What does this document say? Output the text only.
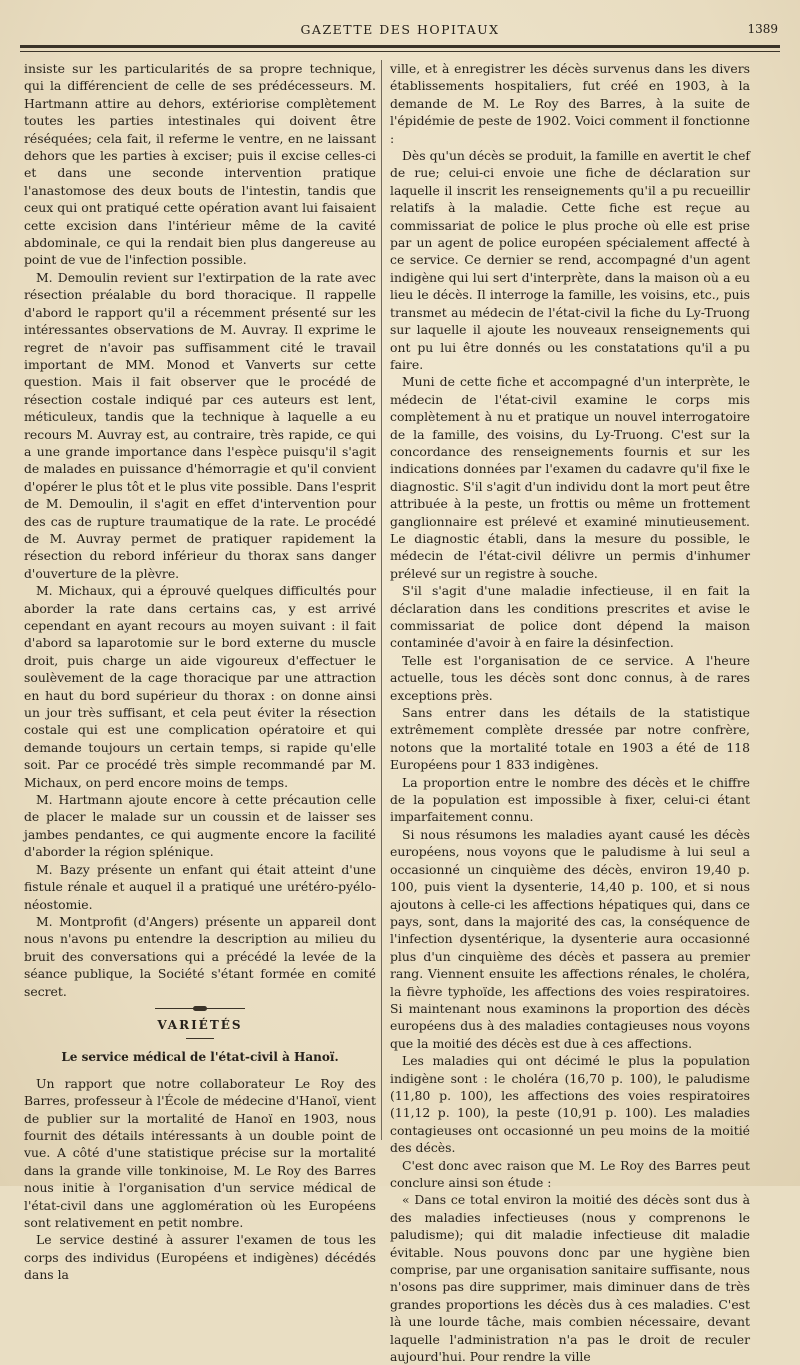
GAZETTE DES HOPITAUX	1389

insiste sur les particularités de sa propre technique, qui la différencient de celle de ses prédécesseurs. M. Hartmann attire au dehors, extériorise complètement toutes les parties intestinales qui doivent être réséquées; cela fait, il referme le ventre, en ne laissant dehors que les parties à exciser; puis il excise celles-ci et dans une seconde intervention pratique l'anastomose des deux bouts de l'intestin, tandis que ceux qui ont pratiqué cette opération avant lui faisaient cette excision dans l'intérieur même de la cavité abdominale, ce qui la rendait bien plus dangereuse au point de vue de l'infection possible.

M. Demoulin revient sur l'extirpation de la rate avec résection préalable du bord thoracique. Il rappelle d'abord le rapport qu'il a récemment présenté sur les intéressantes observations de M. Auvray. Il exprime le regret de n'avoir pas suffisamment cité le travail important de MM. Monod et Vanverts sur cette question. Mais il fait observer que le procédé de résection costale indiqué par ces auteurs est lent, méticuleux, tandis que la technique à laquelle a eu recours M. Auvray est, au contraire, très rapide, ce qui a une grande importance dans l'espèce puisqu'il s'agit de malades en puissance d'hémorragie et qu'il convient d'opérer le plus tôt et le plus vite possible. Dans l'esprit de M. Demoulin, il s'agit en effet d'intervention pour des cas de rupture traumatique de la rate. Le procédé de M. Auvray permet de pratiquer rapidement la résection du rebord inférieur du thorax sans danger d'ouverture de la plèvre.

M. Michaux, qui a éprouvé quelques difficultés pour aborder la rate dans certains cas, y est arrivé cependant en ayant recours au moyen suivant : il fait d'abord sa laparotomie sur le bord externe du muscle droit, puis charge un aide vigoureux d'effectuer le soulèvement de la cage thoracique par une attraction en haut du bord supérieur du thorax : on donne ainsi un jour très suffisant, et cela peut éviter la résection costale qui est une complication opératoire et qui demande toujours un certain temps, si rapide qu'elle soit. Par ce procédé très simple recommandé par M. Michaux, on perd encore moins de temps.

M. Hartmann ajoute encore à cette précaution celle de placer le malade sur un coussin et de laisser ses jambes pendantes, ce qui augmente encore la facilité d'aborder la région splénique.

M. Bazy présente un enfant qui était atteint d'une fistule rénale et auquel il a pratiqué une urétéro-pyélo-néostomie.

M. Montprofit (d'Angers) présente un appareil dont nous n'avons pu entendre la description au milieu du bruit des conversations qui a précédé la levée de la séance publique, la Société s'étant formée en comité secret.

VARIÉTÉS
Le service médical de l'état-civil à Hanoï.

Un rapport que notre collaborateur Le Roy des Barres, professeur à l'École de médecine d'Hanoï, vient de publier sur la mortalité de Hanoï en 1903, nous fournit des détails intéressants à un double point de vue. A côté d'une statistique précise sur la mortalité dans la grande ville tonkinoise, M. Le Roy des Barres nous initie à l'organisation d'un service médical de l'état-civil dans une agglomération où les Européens sont relativement en petit nombre.

Le service destiné à assurer l'examen de tous les corps des individus (Européens et indigènes) décédés dans la

ville, et à enregistrer les décès survenus dans les divers établissements hospitaliers, fut créé en 1903, à la demande de M. Le Roy des Barres, à la suite de l'épidémie de peste de 1902. Voici comment il fonctionne :

Dès qu'un décès se produit, la famille en avertit le chef de rue; celui-ci envoie une fiche de déclaration sur laquelle il inscrit les renseignements qu'il a pu recueillir relatifs à la maladie. Cette fiche est reçue au commissariat de police le plus proche où elle est prise par un agent de police européen spécialement affecté à ce service. Ce dernier se rend, accompagné d'un agent indigène qui lui sert d'interprète, dans la maison où a eu lieu le décès. Il interroge la famille, les voisins, etc., puis transmet au médecin de l'état-civil la fiche du Ly-Truong sur laquelle il ajoute les nouveaux renseignements qui ont pu lui être donnés ou les constatations qu'il a pu faire.

Muni de cette fiche et accompagné d'un interprète, le médecin de l'état-civil examine le corps mis complètement à nu et pratique un nouvel interrogatoire de la famille, des voisins, du Ly-Truong. C'est sur la concordance des renseignements fournis et sur les indications données par l'examen du cadavre qu'il fixe le diagnostic. S'il s'agit d'un individu dont la mort peut être attribuée à la peste, un frottis ou même un frottement ganglionnaire est prélevé et examiné minutieusement. Le diagnostic établi, dans la mesure du possible, le médecin de l'état-civil délivre un permis d'inhumer prélevé sur un registre à souche.

S'il s'agit d'une maladie infectieuse, il en fait la déclaration dans les conditions prescrites et avise le commissariat de police dont dépend la maison contaminée d'avoir à en faire la désinfection.

Telle est l'organisation de ce service. A l'heure actuelle, tous les décès sont donc connus, à de rares exceptions près.

Sans entrer dans les détails de la statistique extrêmement complète dressée par notre confrère, notons que la mortalité totale en 1903 a été de 118 Européens pour 1 833 indigènes.

La proportion entre le nombre des décès et le chiffre de la population est impossible à fixer, celui-ci étant imparfaitement connu.

Si nous résumons les maladies ayant causé les décès européens, nous voyons que le paludisme à lui seul a occasionné un cinquième des décès, environ 19,40 p. 100, puis vient la dysenterie, 14,40 p. 100, et si nous ajoutons à celle-ci les affections hépatiques qui, dans ce pays, sont, dans la majorité des cas, la conséquence de l'infection dysentérique, la dysenterie aura occasionné plus d'un cinquième des décès et passera au premier rang. Viennent ensuite les affections rénales, le choléra, la fièvre typhoïde, les affections des voies respiratoires. Si maintenant nous examinons la proportion des décès européens dus à des maladies contagieuses nous voyons que la moitié des décès est due à ces affections.

Les maladies qui ont décimé le plus la population indigène sont : le choléra (16,70 p. 100), le paludisme (11,80 p. 100), les affections des voies respiratoires (11,12 p. 100), la peste (10,91 p. 100). Les maladies contagieuses ont occasionné un peu moins de la moitié des décès.

C'est donc avec raison que M. Le Roy des Barres peut conclure ainsi son étude :

« Dans ce total environ la moitié des décès sont dus à des maladies infectieuses (nous y comprenons le paludisme); qui dit maladie infectieuse dit maladie évitable. Nous pouvons donc par une hygiène bien comprise, par une organisation sanitaire suffisante, nous n'osons pas dire supprimer, mais diminuer dans de très grandes proportions les décès dus à ces maladies. C'est là une lourde tâche, mais combien nécessaire, devant laquelle l'administration n'a pas le droit de reculer aujourd'hui. Pour rendre la ville
